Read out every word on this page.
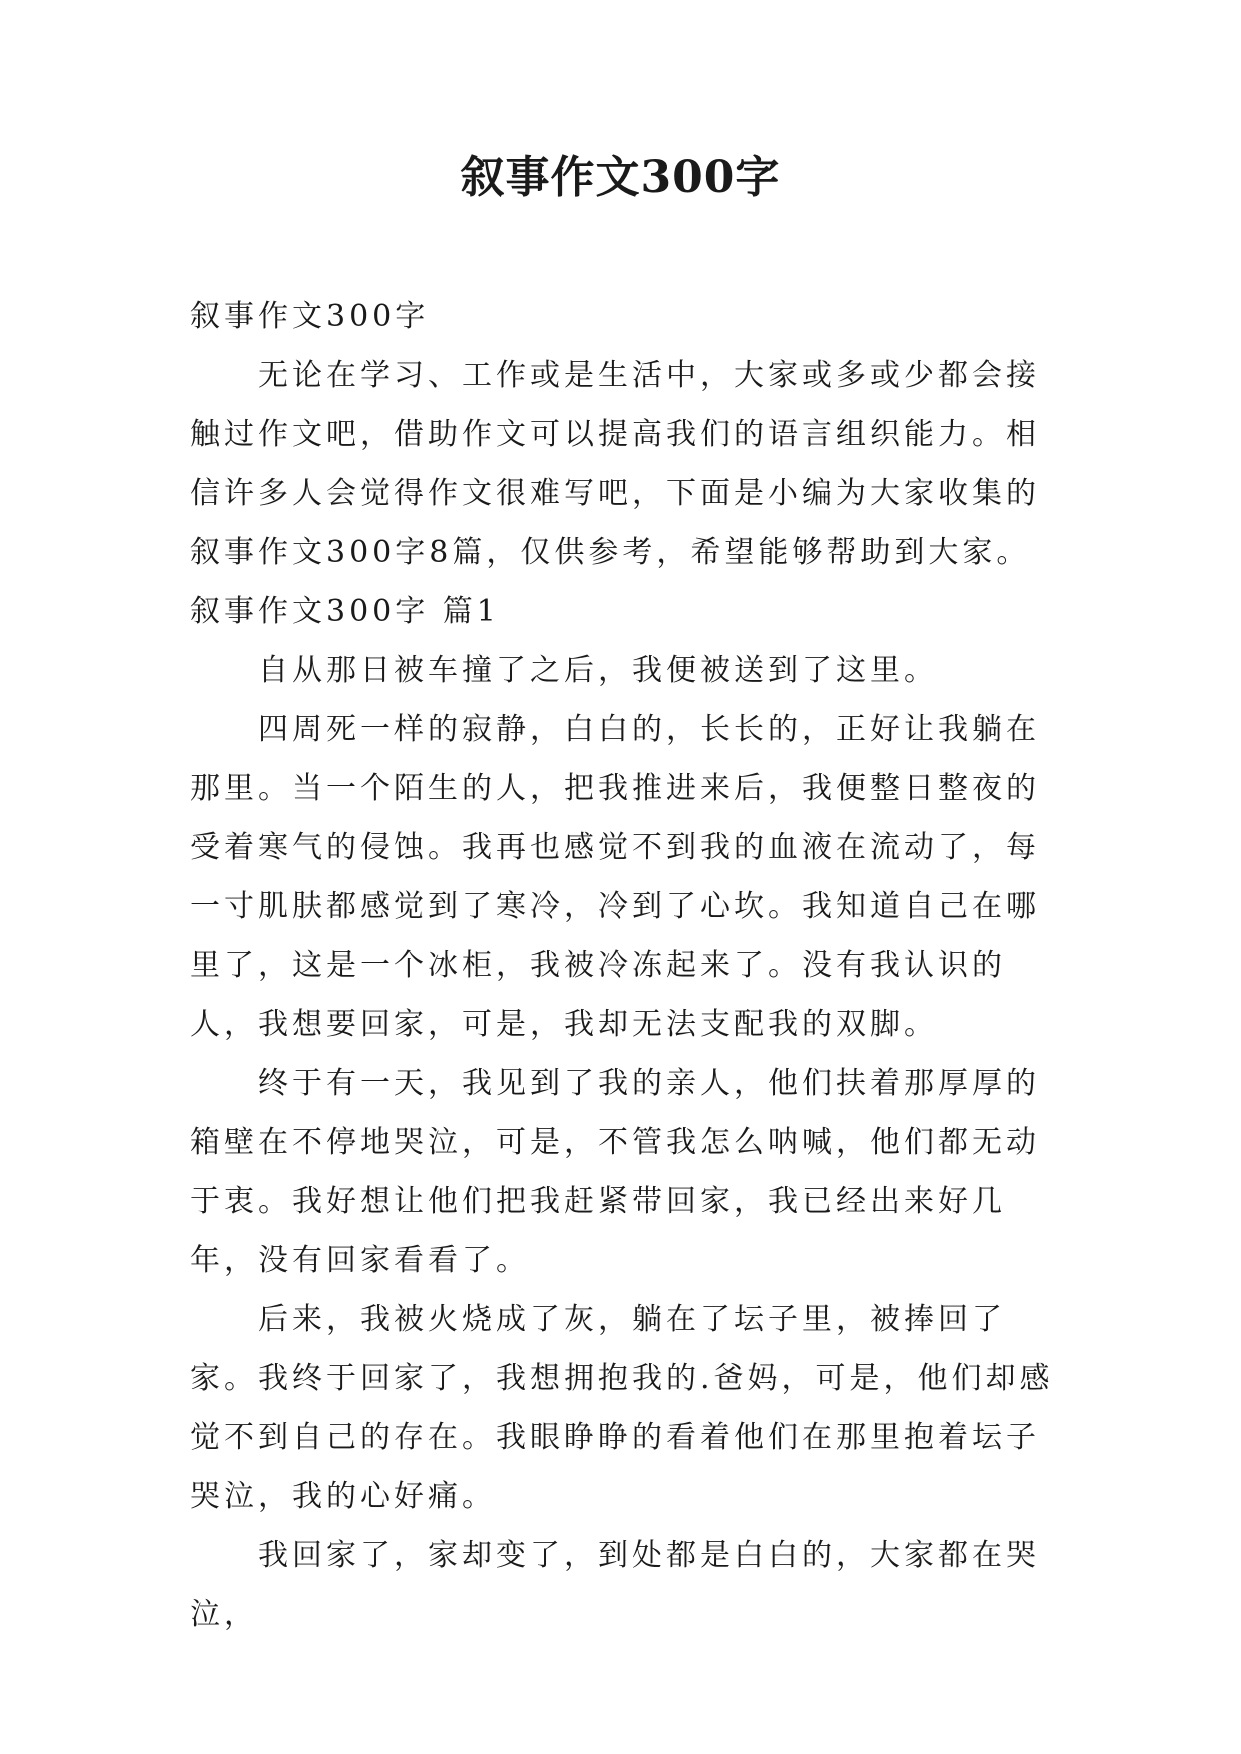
叙事作文300字

叙事作文300字

无论在学习、工作或是生活中，大家或多或少都会接触过作文吧，借助作文可以提高我们的语言组织能力。相信许多人会觉得作文很难写吧，下面是小编为大家收集的叙事作文300字8篇，仅供参考，希望能够帮助到大家。

叙事作文300字 篇1

自从那日被车撞了之后，我便被送到了这里。

四周死一样的寂静，白白的，长长的，正好让我躺在那里。当一个陌生的人，把我推进来后，我便整日整夜的受着寒气的侵蚀。我再也感觉不到我的血液在流动了，每一寸肌肤都感觉到了寒冷，冷到了心坎。我知道自己在哪里了，这是一个冰柜，我被冷冻起来了。没有我认识的人，我想要回家，可是，我却无法支配我的双脚。

终于有一天，我见到了我的亲人，他们扶着那厚厚的箱壁在不停地哭泣，可是，不管我怎么呐喊，他们都无动于衷。我好想让他们把我赶紧带回家，我已经出来好几年，没有回家看看了。

后来，我被火烧成了灰，躺在了坛子里，被捧回了家。我终于回家了，我想拥抱我的.爸妈，可是，他们却感觉不到自己的存在。我眼睁睁的看着他们在那里抱着坛子哭泣，我的心好痛。

我回家了，家却变了，到处都是白白的，大家都在哭泣，
